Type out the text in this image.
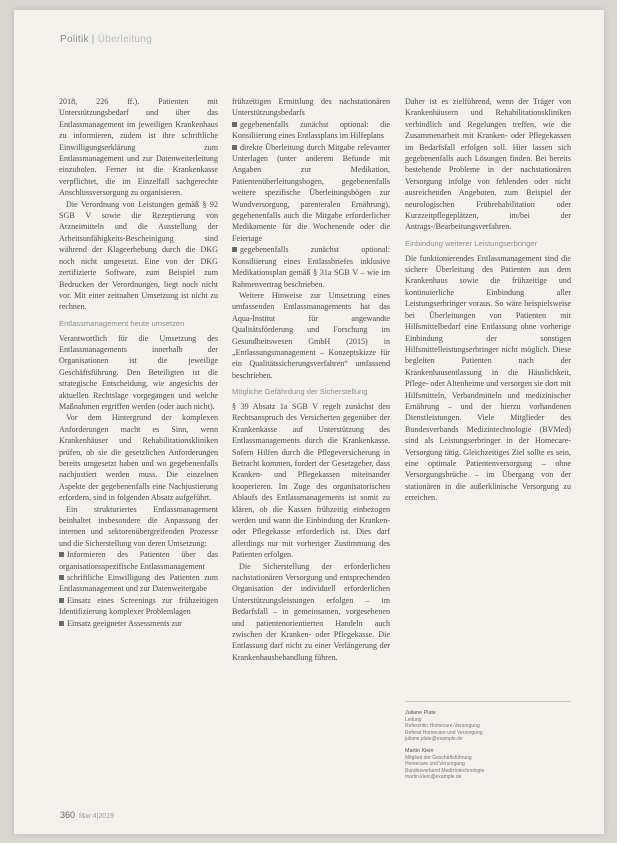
Politik | Überleitung

2018, 226 ff.). Patienten mit Unterstützungsbedarf und über das Entlassmanagement im jeweiligen Krankenhaus zu informieren, zudem ist ihre schriftliche Einwilligungserklärung zum Entlassmanagement und zur Datenweiterleitung einzuholen. Ferner ist die Krankenkasse verpflichtet, die im Einzelfall sachgerechte Anschlussversorgung zu organisieren.

Die Verordnung von Leistungen gemäß § 92 SGB V sowie die Rezeptierung von Arzneimitteln und die Ausstellung der Arbeitsunfähigkeits-Bescheinigung sind während der Klageerhebung durch die DKG noch nicht umgesetzt. Eine von der DKG zertifizierte Software, zum Beispiel zum Bedrucken der Verordnungen, liegt noch nicht vor. Mit einer zeitnahen Umsetzung ist nicht zu rechnen.

Entlassmanagement heute umsetzen

Verantwortlich für die Umsetzung des Entlassmanagements innerhalb der Organisationen ist die jeweilige Geschäftsführung. Den Beteiligten ist die strategische Entscheidung, wie angesichts der aktuellen Rechtslage vorgegangen und welche Maßnahmen ergriffen werden (oder auch nicht).

Vor dem Hintergrund der komplexen Anforderungen macht es Sinn, wenn Krankenhäuser und Rehabilitationskliniken prüfen, ob sie die gesetzlichen Anforderungen bereits umgesetzt haben und wo gegebenenfalls nachjustiert werden muss. Die einzelnen Aspekte der gegebenenfalls eine Nachjustierung erfordern, sind in folgenden Absatz aufgeführt.

Ein strukturiertes Entlassmanagement beinhaltet insbesondere die Anpassung der internen und sektorenübergreifenden Prozesse und die Sicherstellung von deren Umsetzung:

Informieren des Patienten über das organisationsspezifische Entlassmanagement
schriftliche Einwilligung des Patienten zum Entlassmanagement und zur Datenweitergabe
Einsatz eines Screenings zur frühzeitigen Identifizierung komplexer Problemlagen
Einsatz geeigneter Assessments zur
frühzeitigen Ermittlung des nachstationären Unterstützungsbedarfs
gegebenenfalls zunächst optional: die Konsiliierung eines Entlassplans im Hilfeplans
direkte Überleitung durch Mitgabe relevanter Unterlagen (unter anderem Befunde mit Angaben zur Medikation, Patientenüberleitungsbogen, gegebenenfalls weitere spezifische Überleitungsbögen zur Wundversorgung, parenteralen Ernährung), gegebenenfalls auch die Mitgabe erforderlicher Medikamente für die Wochenende oder die Feiertage
gegebenenfalls zunächst optional: Konsiliierung eines Entlassbriefes inklusive Medikationsplan gemäß § 31a SGB V – wie im Rahmenvertrag beschrieben.

Weitere Hinweise zur Umsetzung eines umfassenden Entlassmanagements hat das Aqua-Institut für angewandte Qualitätsförderung und Forschung im Gesundheitswesen GmbH (2015) in „Entlassungsmanagement – Konzeptskizze für ein Qualitätssicherungsverfahren“ umfassend beschrieben.

Mögliche Gefährdung der Sicherstellung

§ 39 Absatz 1a SGB V regelt zunächst den Rechtsanspruch des Versicherten gegenüber der Krankenkasse auf Unterstützung des Entlassmanagements durch die Krankenkasse. Sofern Hilfen durch die Pflegeversicherung in Betracht kommen, fordert der Gesetzgeber, dass Kranken- und Pflegekassen miteinander kooperieren. Im Zuge des organisatorischen Ablaufs des Entlassmanagements ist somit zu klären, ob die Kassen frühzeitig einbezogen werden und wann die Einbindung der Kranken- oder Pflegekasse erforderlich ist. Dies darf allerdings nur mit vorheriger Zustimmung des Patienten erfolgen.

Die Sicherstellung der erforderlichen nachstationären Versorgung und entsprechenden Organisation der individuell erforderlichen Unterstützungsleistungen erfolgen – im Bedarfsfall – in gemeinsamen, vorgesehenen und patientenorientierten Handeln auch zwischen der Kranken- oder Pflegekasse. Die Entlassung darf nicht zu einer Verlängerung der Krankenhausbehandlung führen.

Daher ist es zielführend, wenn der Träger von Krankenhäusern und Rehabilitationskliniken verbindlich und Regelungen treffen, wie die Zusammenarbeit mit Kranken- oder Pflegekassen im Bedarfsfall erfolgen soll. Hier lassen sich gegebenenfalls auch Lösungen finden. Bei bereits bestehende Probleme in der nachstationären Versorgung infolge von fehlenden oder nicht ausreichenden Angeboten, zum Beispiel der neurologischen Frührehabilitation oder Kurzzeitpflegeplätzen, im/bei der Antrags-/Bearbeitungsverfahren.

Einbindung weiterer Leistungserbringer

Die funktionierendes Entlassmanagement sind die sichere Überleitung des Patienten aus dem Krankenhaus sowie die frühzeitige und kontinuierliche Einbindung aller Leistungserbringer voraus. So wäre beispielsweise bei Überleitungen von Patienten mit Hilfsmittelbedarf eine Entlassung ohne vorherige Einbindung der sonstigen Hilfsmittelleistungserbringer nicht möglich. Diese begleiten Patienten nach der Krankenhausentlassung in die Häuslichkeit, Pflege- oder Altenheime und versorgen sie dort mit Hilfsmitteln, Verbandmitteln und medizinischer Ernährung – und der hierzu vorhandenen Dienstleistungen. Viele Mitglieder des Bundesverbands Medizintechnologie (BVMed) sind als Leistungserbringer in der Homecare-Versorgung tätig. Gleichzeitiges Ziel sollte es sein, eine optimale Patientenversorgung – ohne Versorgungsbrüche – im Übergang von der stationären in die außerklinische Versorgung zu erreichen.

Juliane Plate
Leitung
Referentin Homecare-Versorgung
Referat Homecare und Versorgung
juliane.plate@example.de
Martin Klein
Mitglied der Geschäftsführung
Homecare und Versorgung
Bundesverband Medizintechnologie
martin.klein@example.de
360 f&w 4|2019
